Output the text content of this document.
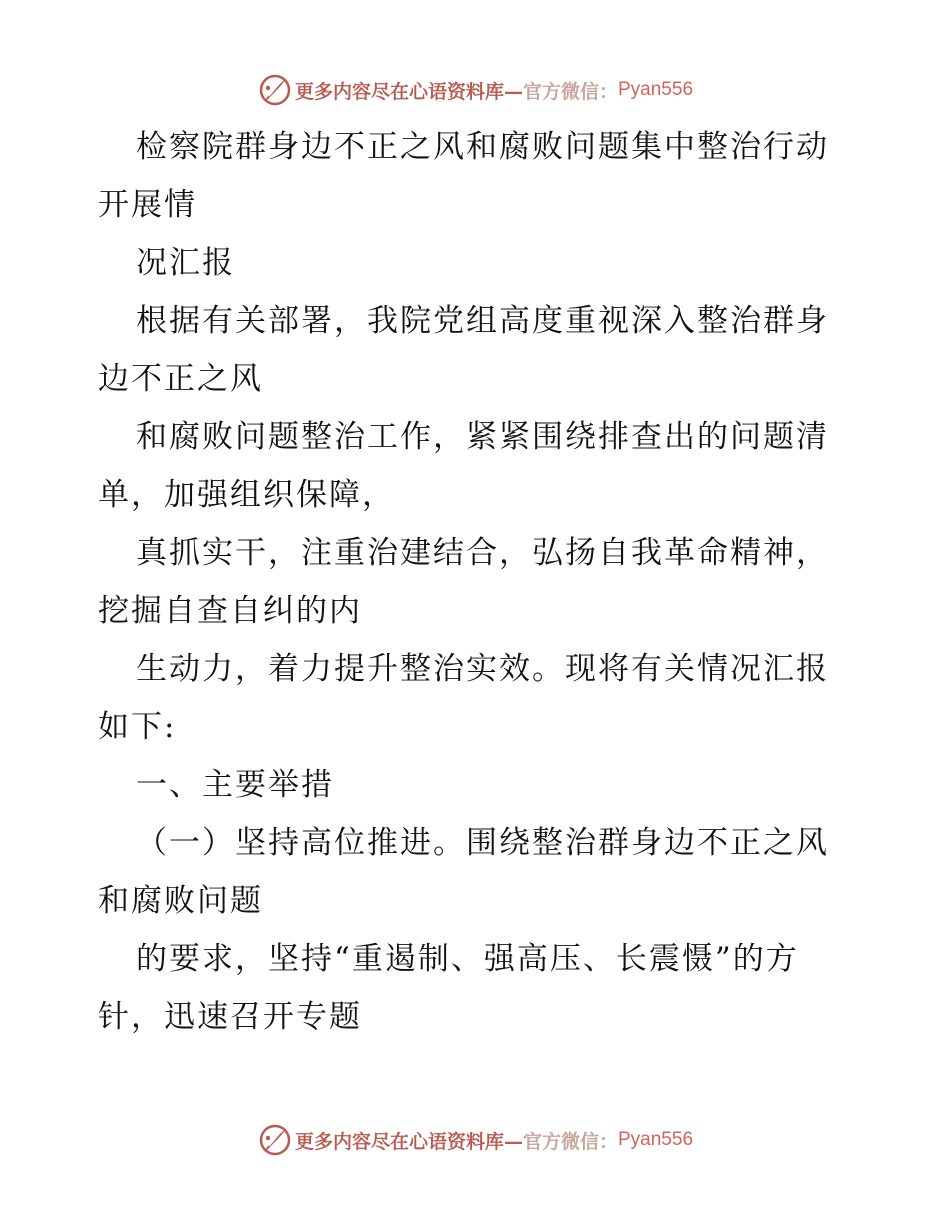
更多内容尽在心语资料库— 官方微信： Pyan556

检察院群身边不正之风和腐败问题集中整治行动开展情

况汇报

根据有关部署，我院党组高度重视深入整治群身边不正之风

和腐败问题整治工作，紧紧围绕排查出的问题清单，加强组织保障，

真抓实干，注重治建结合，弘扬自我革命精神，挖掘自查自纠的内

生动力，着力提升整治实效。现将有关情况汇报如下:

一、主要举措

（一）坚持高位推进。围绕整治群身边不正之风和腐败问题

的要求，坚持“重遏制、强高压、长震慑”的方针，迅速召开专题

更多内容尽在心语资料库— 官方微信： Pyan556
